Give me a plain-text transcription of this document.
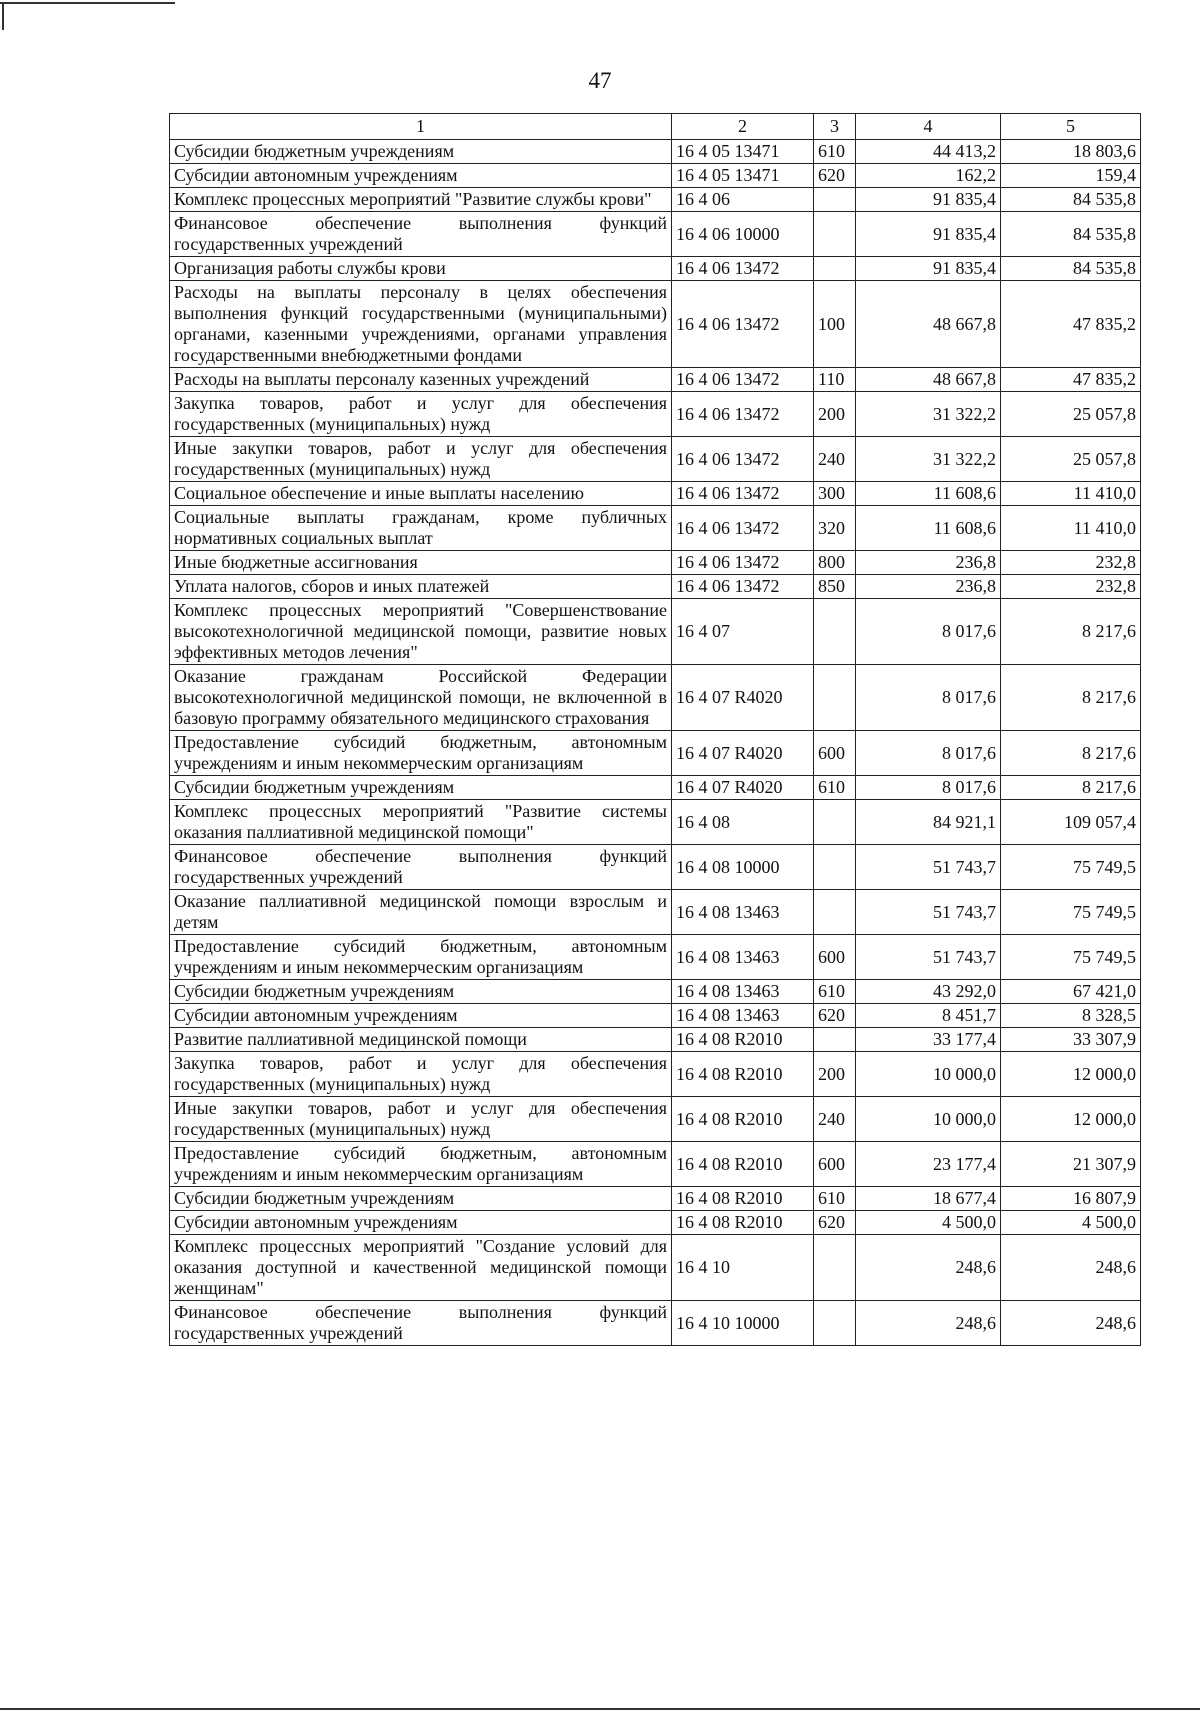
47
1	2	3	4	5
Субсидии бюджетным учреждениям	16 4 05 13471	610	44 413,2	18 803,6
Субсидии автономным учреждениям	16 4 05 13471	620	162,2	159,4
Комплекс процессных мероприятий "Развитие службы крови"	16 4 06		91 835,4	84 535,8
Финансовое обеспечение выполнения функций государственных учреждений	16 4 06 10000		91 835,4	84 535,8
Организация работы службы крови	16 4 06 13472		91 835,4	84 535,8
Расходы на выплаты персоналу в целях обеспечения выполнения функций государственными (муниципальными) органами, казенными учреждениями, органами управления государственными внебюджетными фондами	16 4 06 13472	100	48 667,8	47 835,2
Расходы на выплаты персоналу казенных учреждений	16 4 06 13472	110	48 667,8	47 835,2
Закупка товаров, работ и услуг для обеспечения государственных (муниципальных) нужд	16 4 06 13472	200	31 322,2	25 057,8
Иные закупки товаров, работ и услуг для обеспечения государственных (муниципальных) нужд	16 4 06 13472	240	31 322,2	25 057,8
Социальное обеспечение и иные выплаты населению	16 4 06 13472	300	11 608,6	11 410,0
Социальные выплаты гражданам, кроме публичных нормативных социальных выплат	16 4 06 13472	320	11 608,6	11 410,0
Иные бюджетные ассигнования	16 4 06 13472	800	236,8	232,8
Уплата налогов, сборов и иных платежей	16 4 06 13472	850	236,8	232,8
Комплекс процессных мероприятий "Совершенствование высокотехнологичной медицинской помощи, развитие новых эффективных методов лечения"	16 4 07		8 017,6	8 217,6
Оказание гражданам Российской Федерации высокотехнологичной медицинской помощи, не включенной в базовую программу обязательного медицинского страхования	16 4 07 R4020		8 017,6	8 217,6
Предоставление субсидий бюджетным, автономным учреждениям и иным некоммерческим организациям	16 4 07 R4020	600	8 017,6	8 217,6
Субсидии бюджетным учреждениям	16 4 07 R4020	610	8 017,6	8 217,6
Комплекс процессных мероприятий "Развитие системы оказания паллиативной медицинской помощи"	16 4 08		84 921,1	109 057,4
Финансовое обеспечение выполнения функций государственных учреждений	16 4 08 10000		51 743,7	75 749,5
Оказание паллиативной медицинской помощи взрослым и детям	16 4 08 13463		51 743,7	75 749,5
Предоставление субсидий бюджетным, автономным учреждениям и иным некоммерческим организациям	16 4 08 13463	600	51 743,7	75 749,5
Субсидии бюджетным учреждениям	16 4 08 13463	610	43 292,0	67 421,0
Субсидии автономным учреждениям	16 4 08 13463	620	8 451,7	8 328,5
Развитие паллиативной медицинской помощи	16 4 08 R2010		33 177,4	33 307,9
Закупка товаров, работ и услуг для обеспечения государственных (муниципальных) нужд	16 4 08 R2010	200	10 000,0	12 000,0
Иные закупки товаров, работ и услуг для обеспечения государственных (муниципальных) нужд	16 4 08 R2010	240	10 000,0	12 000,0
Предоставление субсидий бюджетным, автономным учреждениям и иным некоммерческим организациям	16 4 08 R2010	600	23 177,4	21 307,9
Субсидии бюджетным учреждениям	16 4 08 R2010	610	18 677,4	16 807,9
Субсидии автономным учреждениям	16 4 08 R2010	620	4 500,0	4 500,0
Комплекс процессных мероприятий "Создание условий для оказания доступной и качественной медицинской помощи женщинам"	16 4 10		248,6	248,6
Финансовое обеспечение выполнения функций государственных учреждений	16 4 10 10000		248,6	248,6
